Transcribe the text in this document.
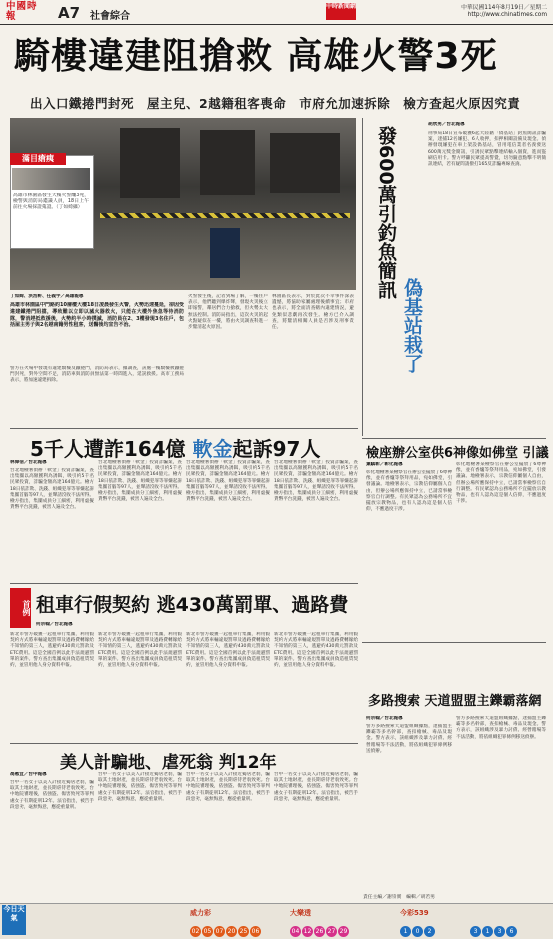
中國時報	A7 社會綜合
中時新聞網	中華民國114年8月19日／星期二
http://www.chinatimes.com
騎樓違建阻搶救 高雄火警3死
出入口鐵捲門封死　屋主兒、2越籍租客喪命　市府允加速拆除　檢方查起火原因究責
滿目瘡痍
高雄市林園區發生大樓火警釀3死，檢警與消防局鑑識人員，18日上午前往火場採證蒐證。（丁如綺攝）
丁如綺、洪浩軒、任義宇／高雄報導
高雄市林園區中門路約10層樓大樓18日凌晨發生火警，火勢迅速蔓延，卻因受違建鐵捲門阻擋，導致難以立即以滅火器救火，只能在大樓外焦急等待消防隊，警消趕抵救援後，火勢約半小時撲滅，消防員在2、3樓發現3名住戶，包括屋主男子與2名越南籍男性租客，送醫後均宣告不治。
警方在火場中發現有違建騎樓及鐵捲門，消防局表示，據調查，該處一樓騎樓被鐵捲門封死，對外空間不足，消防車與消防員無法第一時間進入，延誤救援。高市工務局表示，將加速違建拆除。
火警發生後，記者到場了解，一樓住戶表示，他們聽到爆炸聲，發現火災後立即報警，鄰居們合力搶救，但火勢太大無法控制。消防局指出，這次火災的起火點疑似在一樓，將由火災調查科進一步釐清起火原因。
林園區長表示，對於此次不幸事件深表遺憾，將協助家屬處理後續事宜；市府也表示，將全面清查轄內違建情況，避免類似悲劇再次發生。檢方已介入調查，將釐清相關人員是否涉及刑事責任。
發600萬引釣魚簡訊
偽基站栽了
胡欣男／台北報導
刑事局18日宣布破獲6起大陸籍「偽基站」釣魚簡訊詐騙案，逮捕12名嫌犯、6人收押，扣押相關設備及現金。偵辦發現嫌犯在車上架設偽基站，冒用電信業者名義發送600萬元獎金簡訊，引誘民眾點擊連結輸入個資，進而盜刷信用卡。警方呼籲民眾提高警覺，切勿隨意點擊不明簡訊連結，若有疑問請撥打165反詐騙專線查詢。
檢座辦公室供6神像如佛堂 引議
葉騏彰／彰化報導
彰化地檢署某檢察官在辦公室擺放了6尊神像，並有香爐等祭拜用品，宛如佛堂，引發議論。地檢署表示，宗教信仰屬個人自由，但辦公場所應保持中立，已請當事檢察官自行調整。有民眾認為公務場所不宜擺放宗教物品，也有人認為這是個人信仰，不應過度干涉。
彰化地檢署某檢察官在辦公室擺放了6尊神像，並有香爐等祭拜用品，宛如佛堂，引發議論。地檢署表示，宗教信仰屬個人自由，但辦公場所應保持中立，已請當事檢察官自行調整。有民眾認為公務場所不宜擺放宗教物品，也有人認為這是個人信仰，不應過度干涉。
5千人遭詐164億 軟金起訴97人
林偉信／台北報導
台北地檢署偵辦「軟金」投資詐騙案，查出集團以高額獲利為誘餌，吸引約5千名民眾投資，詐騙金額高達164億元。檢方18日依詐欺、洗錢、組織犯罪等罪嫌起訴集團首腦等97人，並聲請沒收不法所得。檢方指出，集團成員分工細密，利用虛擬貨幣平台洗錢，被害人遍及全台。
台北地檢署偵辦「軟金」投資詐騙案，查出集團以高額獲利為誘餌，吸引約5千名民眾投資，詐騙金額高達164億元。檢方18日依詐欺、洗錢、組織犯罪等罪嫌起訴集團首腦等97人，並聲請沒收不法所得。檢方指出，集團成員分工細密，利用虛擬貨幣平台洗錢，被害人遍及全台。
台北地檢署偵辦「軟金」投資詐騙案，查出集團以高額獲利為誘餌，吸引約5千名民眾投資，詐騙金額高達164億元。檢方18日依詐欺、洗錢、組織犯罪等罪嫌起訴集團首腦等97人，並聲請沒收不法所得。檢方指出，集團成員分工細密，利用虛擬貨幣平台洗錢，被害人遍及全台。
台北地檢署偵辦「軟金」投資詐騙案，查出集團以高額獲利為誘餌，吸引約5千名民眾投資，詐騙金額高達164億元。檢方18日依詐欺、洗錢、組織犯罪等罪嫌起訴集團首腦等97人，並聲請沒收不法所得。檢方指出，集團成員分工細密，利用虛擬貨幣平台洗錢，被害人遍及全台。
首例 租車行假契約 逃430萬罰單、過路費
何宗翰／台北報導
新北市警方破獲一起租車行集團，利用假契約方式將車輛違規罰單及過路費轉嫁給不知情的第三人，逃避約430萬元罰款及ETC費用。這是全國首例以此手法規避罰單的案件。警方查出集團成員偽造租賃契約，並冒用他人身分資料申報。
新北市警方破獲一起租車行集團，利用假契約方式將車輛違規罰單及過路費轉嫁給不知情的第三人，逃避約430萬元罰款及ETC費用。這是全國首例以此手法規避罰單的案件。警方查出集團成員偽造租賃契約，並冒用他人身分資料申報。
新北市警方破獲一起租車行集團，利用假契約方式將車輛違規罰單及過路費轉嫁給不知情的第三人，逃避約430萬元罰款及ETC費用。這是全國首例以此手法規避罰單的案件。警方查出集團成員偽造租賃契約，並冒用他人身分資料申報。
新北市警方破獲一起租車行集團，利用假契約方式將車輛違規罰單及過路費轉嫁給不知情的第三人，逃避約430萬元罰款及ETC費用。這是全國首例以此手法規避罰單的案件。警方查出集團成員偽造租賃契約，並冒用他人身分資料申報。
美人計騙地、虐死翁 判12年
馮惠宜／台中報導
台中一名女子以美人計接近獨居老翁，騙取其土地財產，並長期虐待老翁致死。台中地院審理後，依強盜、傷害致死等罪判處女子有期徒刑12年。法官指出，被告手段惡劣，毫無悔意，應從重量刑。
台中一名女子以美人計接近獨居老翁，騙取其土地財產，並長期虐待老翁致死。台中地院審理後，依強盜、傷害致死等罪判處女子有期徒刑12年。法官指出，被告手段惡劣，毫無悔意，應從重量刑。
台中一名女子以美人計接近獨居老翁，騙取其土地財產，並長期虐待老翁致死。台中地院審理後，依強盜、傷害致死等罪判處女子有期徒刑12年。法官指出，被告手段惡劣，毫無悔意，應從重量刑。
台中一名女子以美人計接近獨居老翁，騙取其土地財產，並長期虐待老翁致死。台中地院審理後，依強盜、傷害致死等罪判處女子有期徒刑12年。法官指出，被告手段惡劣，毫無悔意，應從重量刑。
多路搜索 天道盟盟主鑠霸落網
何宗翰／台北報導
警方多路搜索天道盟組織據點，逮捕盟主鑠霸等多名幹部，查扣槍械、毒品及現金。警方表示，該組織涉及暴力討債、經營賭場等不法活動，將依組織犯罪條例移送偵辦。
警方多路搜索天道盟組織據點，逮捕盟主鑠霸等多名幹部，查扣槍械、毒品及現金。警方表示，該組織涉及暴力討債、經營賭場等不法活動，將依組織犯罪條例移送偵辦。
責任主編／謝崇實　編輯／胡若男
今日天氣
威力彩
02 05 07 20 25 06
大樂透
04 12 26 27 29
今彩539
1 0 2	3 1 3 6
